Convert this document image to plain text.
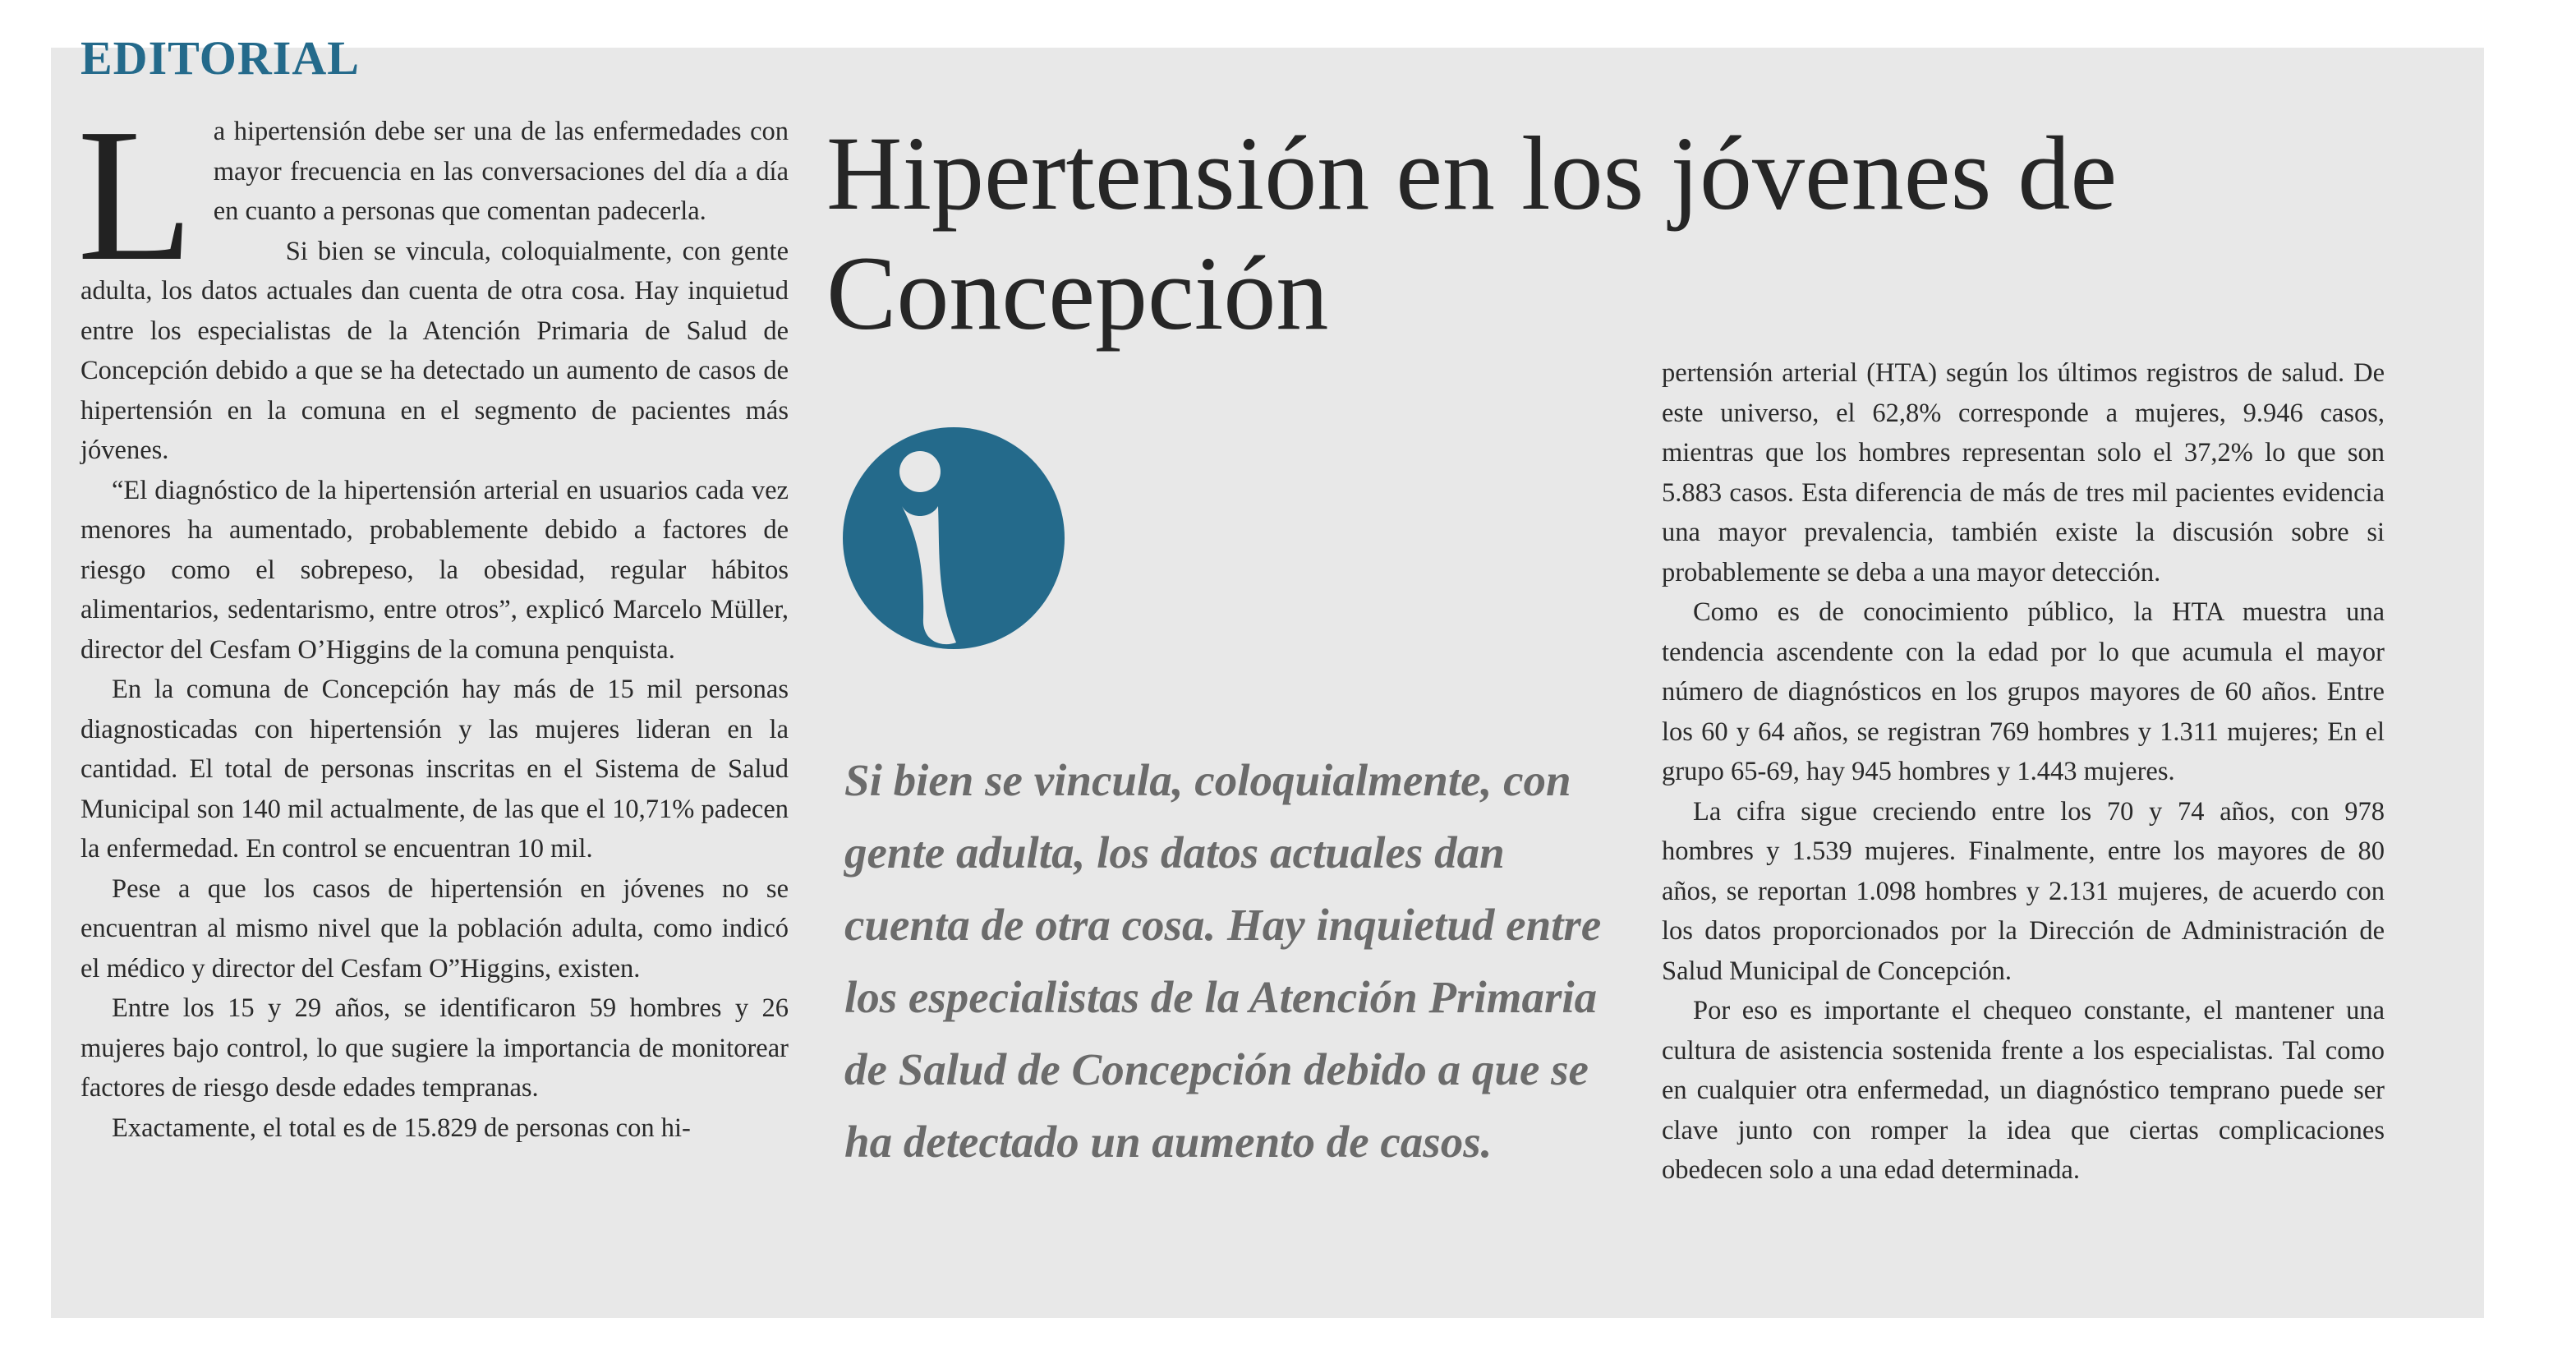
EDITORIAL

La hipertensión debe ser una de las enfermedades con mayor frecuencia en las conversaciones del día a día en cuanto a personas que comentan padecerla.

Si bien se vincula, coloquialmente, con gente adulta, los datos actuales dan cuenta de otra cosa. Hay inquietud entre los especialistas de la Atención Primaria de Salud de Concepción debido a que se ha detectado un aumento de casos de hipertensión en la comuna en el segmento de pacientes más jóvenes.

“El diagnóstico de la hipertensión arterial en usuarios cada vez menores ha aumentado, probablemente debido a factores de riesgo como el sobrepeso, la obesidad, regular hábitos alimentarios, sedentarismo, entre otros”, explicó Marcelo Müller, director del Cesfam O’Higgins de la comuna penquista.

En la comuna de Concepción hay más de 15 mil personas diagnosticadas con hipertensión y las mujeres lideran en la cantidad. El total de personas inscritas en el Sistema de Salud Municipal son 140 mil actualmente, de las que el 10,71% padecen la enfermedad. En control se encuentran 10 mil.

Pese a que los casos de hipertensión en jóvenes no se encuentran al mismo nivel que la población adulta, como indicó el médico y director del Cesfam O”Higgins, existen.

Entre los 15 y 29 años, se identificaron 59 hombres y 26 mujeres bajo control, lo que sugiere la importancia de monitorear factores de riesgo desde edades tempranas.

Exactamente, el total es de 15.829 de personas con hi-

Hipertensión en los jóvenes de Concepción

Si bien se vincula, coloquialmente, con gente adulta, los datos actuales dan cuenta de otra cosa. Hay inquietud entre los especialistas de la Atención Primaria de Salud de Concepción debido a que se ha detectado un aumento de casos.

pertensión arterial (HTA) según los últimos registros de salud. De este universo, el 62,8% corresponde a mujeres, 9.946 casos, mientras que los hombres representan solo el 37,2% lo que son 5.883 casos. Esta diferencia de más de tres mil pacientes evidencia una mayor prevalencia, también existe la discusión sobre si probablemente se deba a una mayor detección.

Como es de conocimiento público, la HTA muestra una tendencia ascendente con la edad por lo que acumula el mayor número de diagnósticos en los grupos mayores de 60 años. Entre los 60 y 64 años, se registran 769 hombres y 1.311 mujeres; En el grupo 65-69, hay 945 hombres y 1.443 mujeres.

La cifra sigue creciendo entre los 70 y 74 años, con 978 hombres y 1.539 mujeres. Finalmente, entre los mayores de 80 años, se reportan 1.098 hombres y 2.131 mujeres, de acuerdo con los datos proporcionados por la Dirección de Administración de Salud Municipal de Concepción.

Por eso es importante el chequeo constante, el mantener una cultura de asistencia sostenida frente a los especialistas. Tal como en cualquier otra enfermedad, un diagnóstico temprano puede ser clave junto con romper la idea que ciertas complicaciones obedecen solo a una edad determinada.
